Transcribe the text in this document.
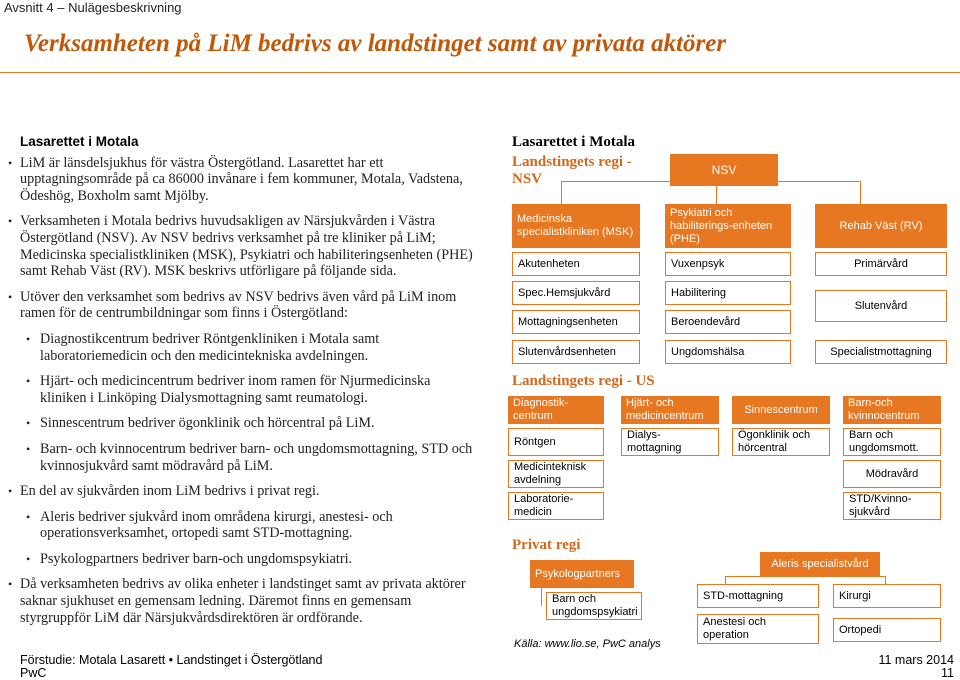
Avsnitt 4 – Nulägesbeskrivning
Verksamheten på LiM bedrivs av landstinget samt av privata aktörer
Lasarettet i Motala
• LiM är länsdelsjukhus för västra Östergötland. Lasarettet har ett upptagningsområde på ca 86000 invånare i fem kommuner, Motala, Vadstena, Ödeshög, Boxholm samt Mjölby.
• Verksamheten i Motala bedrivs huvudsakligen av Närsjukvården i Västra Östergötland (NSV). Av NSV bedrivs verksamhet på tre kliniker på LiM; Medicinska specialistkliniken (MSK), Psykiatri och habiliteringsenheten (PHE) samt Rehab Väst (RV). MSK beskrivs utförligare på följande sida.
• Utöver den verksamhet som bedrivs av NSV bedrivs även vård på LiM inom ramen för de centrumbildningar som finns i Östergötland:
• Diagnostikcentrum bedriver Röntgenkliniken i Motala samt laboratoriemedicin och den medicintekniska avdelningen.
• Hjärt- och medicincentrum bedriver inom ramen för Njurmedicinska kliniken i Linköping Dialysmottagning samt reumatologi.
• Sinnescentrum bedriver ögonklinik och hörcentral på LiM.
• Barn- och kvinnocentrum bedriver barn- och ungdomsmottagning, STD och kvinnosjukvård samt mödravård på LiM.
• En del av sjukvården inom LiM bedrivs i privat regi.
• Aleris bedriver sjukvård inom områdena kirurgi, anestesi- och operationsverksamhet, ortopedi samt STD-mottagning.
• Psykologpartners bedriver barn-och ungdomspsykiatri.
• Då verksamheten bedrivs av olika enheter i landstinget samt av privata aktörer saknar sjukhuset en gemensam ledning. Däremot finns en gemensam styrgruppför LiM där Närsjukvårdsdirektören är ordförande.
Lasarettet i Motala
Landstingets regi - NSV
NSV
Medicinska specialistkliniken (MSK)
Psykiatri och habiliterings-enheten (PHE)
Rehab Väst (RV)
Akutenheten
Spec.Hemsjukvård
Mottagningsenheten
Slutenvårdsenheten
Vuxenpsyk
Habilitering
Beroendevård
Ungdomshälsa
Primärvård
Slutenvård
Specialistmottagning
Landstingets regi - US
Diagnostik-centrum
Röntgen
Medicinteknisk avdelning
Laboratorie-medicin
Hjärt- och medicincentrum
Dialys-mottagning
Sinnescentrum
Ögonklinik och hörcentral
Barn-och kvinnocentrum
Barn och ungdomsmott.
Mödravård
STD/Kvinno-sjukvård
Privat regi
Psykologpartners
Barn och ungdomspsykiatri
Aleris specialistvård
STD-mottagning	Kirurgi
Anestesi och operation	Ortopedi
Källa: www.lio.se, PwC analys
Förstudie: Motala Lasarett • Landstinget i Östergötland
PwC
11 mars 2014
11
